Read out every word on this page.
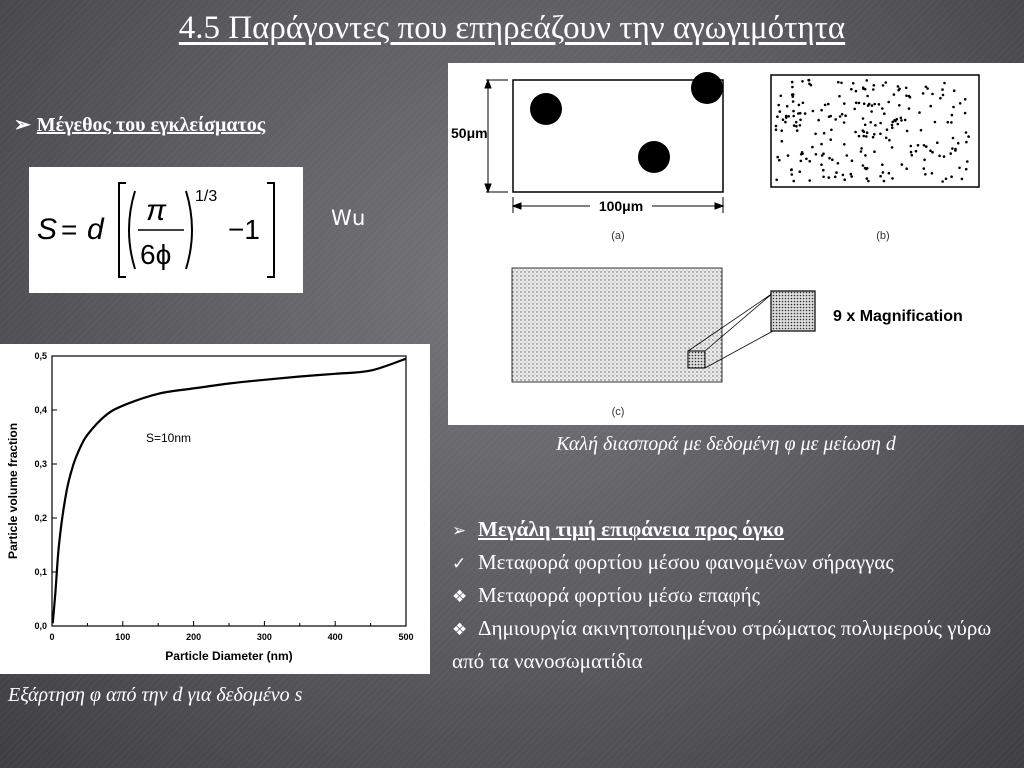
4.5 Παράγοντες που επηρεάζουν την αγωγιμότητα
➢ Μέγεθος του εγκλείσματος
S = d
π
6ϕ
1/3
−1	Wu
0,0
0,1
0,2
0,3
0,4
0,5
0	100	200	300	400	500
S=10nm
Particle Diameter (nm)
Particle volume fraction
Εξάρτηση φ από την d για δεδομένο s
50μm
100μm
(a)	(b)
9 x Magnification
(c)
Καλή διασπορά με δεδομένη φ με μείωση d
➢ Μεγάλη τιμή επιφάνεια προς όγκο
✓ Μεταφορά φορτίου μέσου φαινομένων σήραγγας
❖ Μεταφορά φορτίου μέσω επαφής
❖ Δημιουργία ακινητοποιημένου στρώματος πολυμερούς γύρω από τα νανοσωματίδια
